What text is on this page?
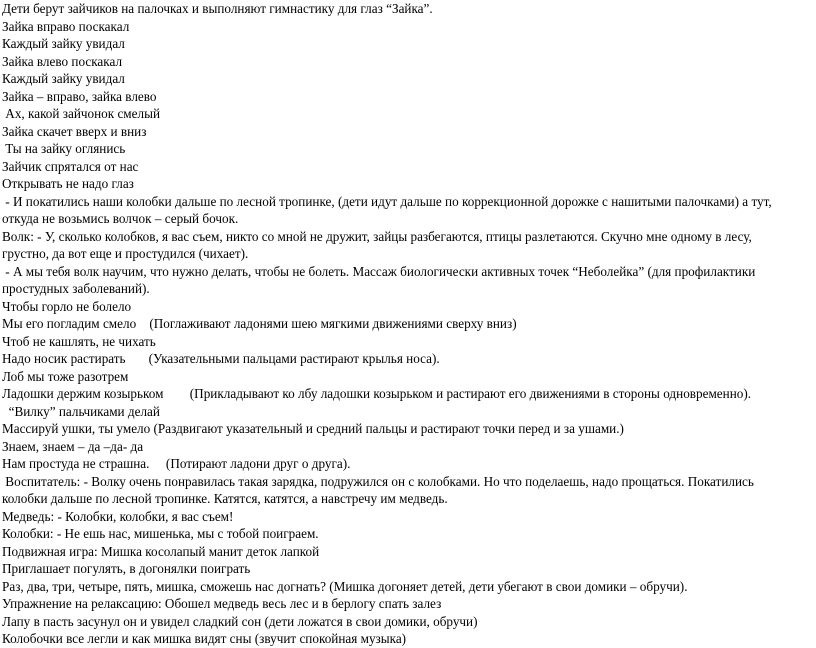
Дети берут зайчиков на палочках и выполняют гимнастику для глаз “Зайка”.

Зайка вправо поскакал

Каждый зайку увидал

Зайка влево поскакал

Каждый зайку увидал

Зайка – вправо, зайка влево

Ах, какой зайчонок смелый

Зайка скачет вверх и вниз

Ты на зайку оглянись

Зайчик спрятался от нас

Открывать не надо глаз

- И покатились наши колобки дальше по лесной тропинке, (дети идут дальше по коррекционной дорожке с нашитыми палочками) а тут, откуда не возьмись волчок – серый бочок.

Волк: - У, сколько колобков, я вас съем, никто со мной не дружит, зайцы разбегаются, птицы разлетаются. Скучно мне одному в лесу, грустно, да вот еще и простудился (чихает).

- А мы тебя волк научим, что нужно делать, чтобы не болеть. Массаж биологически активных точек “Неболейка” (для профилактики простудных заболеваний).

Чтобы горло не болело

Мы его погладим смело    (Поглаживают ладонями шею мягкими движениями сверху вниз)

Чтоб не кашлять, не чихать

Надо носик растирать       (Указательными пальцами растирают крылья носа).

Лоб мы тоже разотрем

Ладошки держим козырьком        (Прикладывают ко лбу ладошки козырьком и растирают его движениями в стороны одновременно).

“Вилку” пальчиками делай

Массируй ушки, ты умело (Раздвигают указательный и средний пальцы и растирают точки перед и за ушами.)

Знаем, знаем – да –да- да

Нам простуда не страшна.     (Потирают ладони друг о друга).

Воспитатель: - Волку очень понравилась такая зарядка, подружился он с колобками. Но что поделаешь, надо прощаться. Покатились колобки дальше по лесной тропинке. Катятся, катятся, а навстречу им медведь.

Медведь: - Колобки, колобки, я вас съем!

Колобки: - Не ешь нас, мишенька, мы с тобой поиграем.

Подвижная игра: Мишка косолапый манит деток лапкой

Приглашает погулять, в догонялки поиграть

Раз, два, три, четыре, пять, мишка, сможешь нас догнать? (Мишка догоняет детей, дети убегают в свои домики – обручи).

Упражнение на релаксацию: Обошел медведь весь лес и в берлогу спать залез

Лапу в пасть засунул он и увидел сладкий сон (дети ложатся в свои домики, обручи)

Колобочки все легли и как мишка видят сны (звучит спокойная музыка)
